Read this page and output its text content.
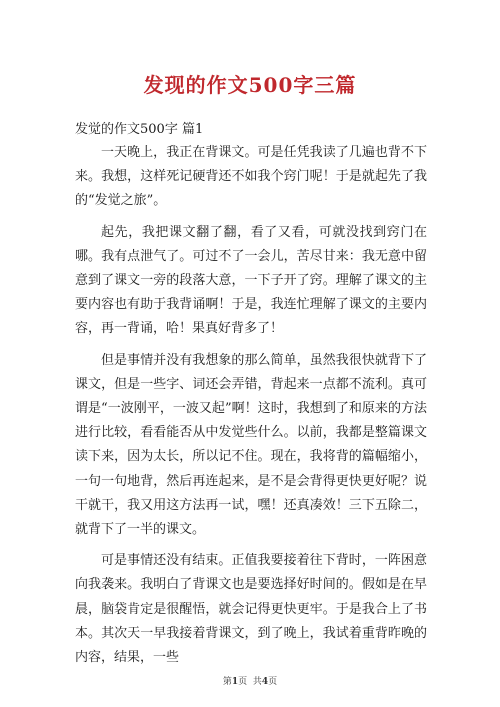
发现的作文500字三篇
发觉的作文500字 篇1

一天晚上，我正在背课文。可是任凭我读了几遍也背不下来。我想，这样死记硬背还不如我个窍门呢！于是就起先了我的“发觉之旅”。

起先，我把课文翻了翻，看了又看，可就没找到窍门在哪。我有点泄气了。可过不了一会儿，苦尽甘来：我无意中留意到了课文一旁的段落大意，一下子开了窍。理解了课文的主要内容也有助于我背诵啊！于是，我连忙理解了课文的主要内容，再一背诵，哈！果真好背多了！

但是事情并没有我想象的那么简单，虽然我很快就背下了课文，但是一些字、词还会弄错，背起来一点都不流利。真可谓是“一波刚平，一波又起”啊！这时，我想到了和原来的方法进行比较，看看能否从中发觉些什么。以前，我都是整篇课文读下来，因为太长，所以记不住。现在，我将背的篇幅缩小，一句一句地背，然后再连起来，是不是会背得更快更好呢？说干就干，我又用这方法再一试，嘿！还真凑效！三下五除二，就背下了一半的课文。

可是事情还没有结束。正值我要接着往下背时，一阵困意向我袭来。我明白了背课文也是要选择好时间的。假如是在早晨，脑袋肯定是很醒悟，就会记得更快更牢。于是我合上了书本。其次天一早我接着背课文，到了晚上，我试着重背昨晚的内容，结果，一些

第1页  共4页
